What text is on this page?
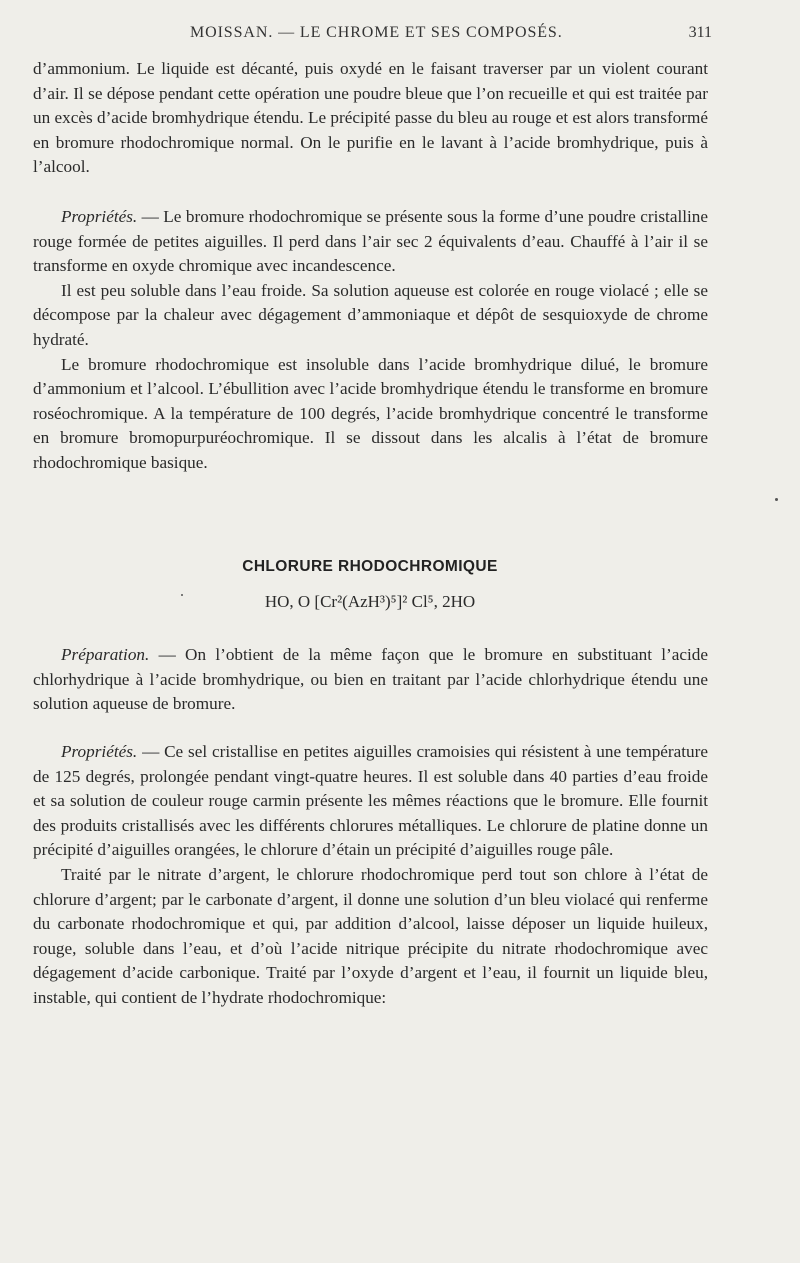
MOISSAN. — LE CHROME ET SES COMPOSÉS.	311

d’ammonium. Le liquide est décanté, puis oxydé en le faisant traverser par un violent courant d’air. Il se dépose pendant cette opération une poudre bleue que l’on recueille et qui est traitée par un excès d’acide bromhydrique étendu. Le précipité passe du bleu au rouge et est alors transformé en bromure rhodochromique normal. On le purifie en le lavant à l’acide bromhydrique, puis à l’alcool.

Propriétés. — Le bromure rhodochromique se présente sous la forme d’une poudre cristalline rouge formée de petites aiguilles. Il perd dans l’air sec 2 équivalents d’eau. Chauffé à l’air il se transforme en oxyde chromique avec incandescence.

Il est peu soluble dans l’eau froide. Sa solution aqueuse est colorée en rouge violacé ; elle se décompose par la chaleur avec dégagement d’ammoniaque et dépôt de sesquioxyde de chrome hydraté.

Le bromure rhodochromique est insoluble dans l’acide bromhydrique dilué, le bromure d’ammonium et l’alcool. L’ébullition avec l’acide bromhydrique étendu le transforme en bromure roséochromique. A la température de 100 degrés, l’acide bromhydrique concentré le transforme en bromure bromopurpuréochromique. Il se dissout dans les alcalis à l’état de bromure rhodochromique basique.

CHLORURE RHODOCHROMIQUE
HO, O [Cr²(AzH³)⁵]² Cl⁵, 2HO

Préparation. — On l’obtient de la même façon que le bromure en substituant l’acide chlorhydrique à l’acide bromhydrique, ou bien en traitant par l’acide chlorhydrique étendu une solution aqueuse de bromure.

Propriétés. — Ce sel cristallise en petites aiguilles cramoisies qui résistent à une température de 125 degrés, prolongée pendant vingt-quatre heures. Il est soluble dans 40 parties d’eau froide et sa solution de couleur rouge carmin présente les mêmes réactions que le bromure. Elle fournit des produits cristallisés avec les différents chlorures métalliques. Le chlorure de platine donne un précipité d’aiguilles orangées, le chlorure d’étain un précipité d’aiguilles rouge pâle.

Traité par le nitrate d’argent, le chlorure rhodochromique perd tout son chlore à l’état de chlorure d’argent; par le carbonate d’argent, il donne une solution d’un bleu violacé qui renferme du carbonate rhodochromique et qui, par addition d’alcool, laisse déposer un liquide huileux, rouge, soluble dans l’eau, et d’où l’acide nitrique précipite du nitrate rhodochromique avec dégagement d’acide carbonique. Traité par l’oxyde d’argent et l’eau, il fournit un liquide bleu, instable, qui contient de l’hydrate rhodochromique:
